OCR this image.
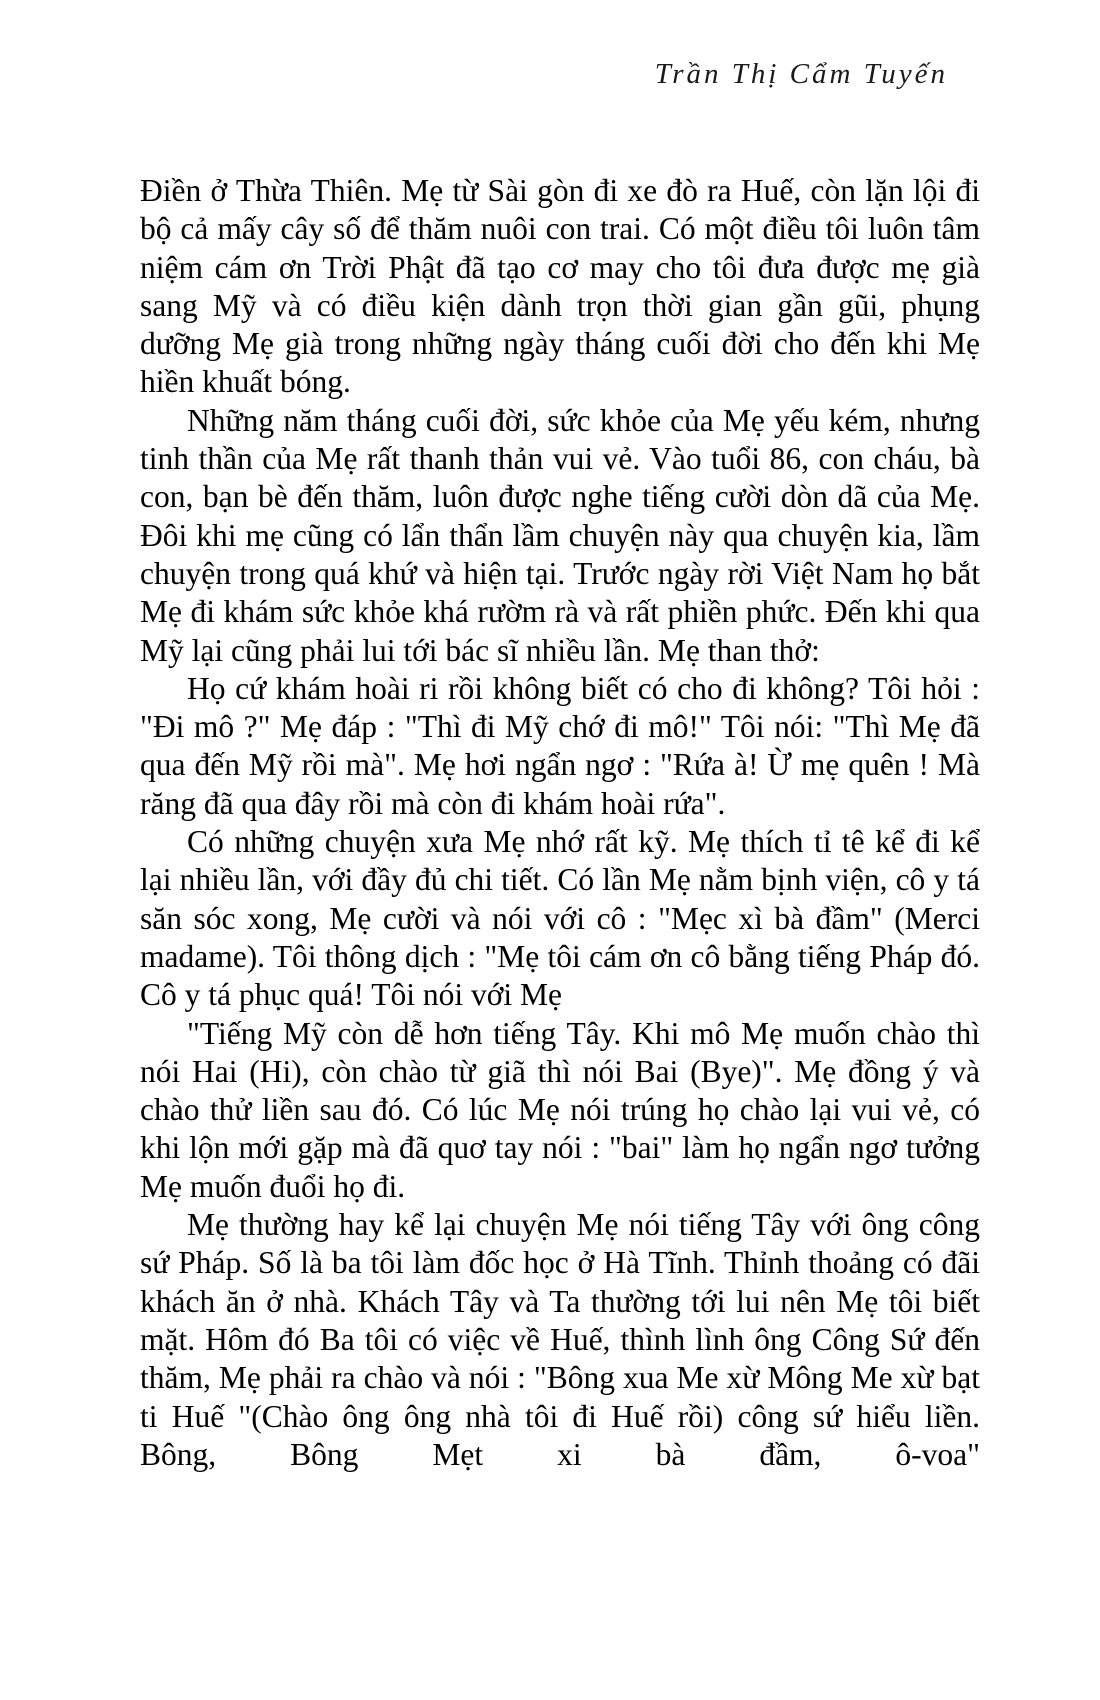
Trần Thị Cẩm Tuyến

Điền ở Thừa Thiên. Mẹ từ Sài gòn đi xe đò ra Huế, còn lặn lội đi bộ cả mấy cây số để thăm nuôi con trai. Có một điều tôi luôn tâm niệm cám ơn Trời Phật đã tạo cơ may cho tôi đưa được mẹ già sang Mỹ và có điều kiện dành trọn thời gian gần gũi, phụng dưỡng Mẹ già trong những ngày tháng cuối đời cho đến khi Mẹ hiền khuất bóng.

Những năm tháng cuối đời, sức khỏe của Mẹ yếu kém, nhưng tinh thần của Mẹ rất thanh thản vui vẻ. Vào tuổi 86, con cháu, bà con, bạn bè đến thăm, luôn được nghe tiếng cười dòn dã của Mẹ. Đôi khi mẹ cũng có lẩn thẩn lầm chuyện này qua chuyện kia, lầm chuyện trong quá khứ và hiện tại. Trước ngày rời Việt Nam họ bắt Mẹ đi khám sức khỏe khá rườm rà và rất phiền phức. Đến khi qua Mỹ lại cũng phải lui tới bác sĩ nhiều lần. Mẹ than thở:

Họ cứ khám hoài ri rồi không biết có cho đi không? Tôi hỏi : "Đi mô ?" Mẹ đáp : "Thì đi Mỹ chớ đi mô!" Tôi nói: "Thì Mẹ đã qua đến Mỹ rồi mà". Mẹ hơi ngẩn ngơ : "Rứa à! Ừ mẹ quên ! Mà răng đã qua đây rồi mà còn đi khám hoài rứa".

Có những chuyện xưa Mẹ nhớ rất kỹ. Mẹ thích tỉ tê kể đi kể lại nhiều lần, với đầy đủ chi tiết. Có lần Mẹ nằm bịnh viện, cô y tá săn sóc xong, Mẹ cười và nói với cô : "Mẹc xì bà đầm" (Merci madame). Tôi thông dịch : "Mẹ tôi cám ơn cô bằng tiếng Pháp đó. Cô y tá phục quá! Tôi nói với Mẹ

"Tiếng Mỹ còn dễ hơn tiếng Tây. Khi mô Mẹ muốn chào thì nói Hai (Hi), còn chào từ giã thì nói Bai (Bye)". Mẹ đồng ý và chào thử liền sau đó. Có lúc Mẹ nói trúng họ chào lại vui vẻ, có khi lộn mới gặp mà đã quơ tay nói : "bai" làm họ ngẩn ngơ tưởng Mẹ muốn đuổi họ đi.

Mẹ thường hay kể lại chuyện Mẹ nói tiếng Tây với ông công sứ Pháp. Số là ba tôi làm đốc học ở Hà Tĩnh. Thỉnh thoảng có đãi khách ăn ở nhà. Khách Tây và Ta thường tới lui nên Mẹ tôi biết mặt. Hôm đó Ba tôi có việc về Huế, thình lình ông Công Sứ đến thăm, Mẹ phải ra chào và nói : "Bông xua Me xừ Mông Me xừ bạt ti Huế "(Chào ông ông nhà tôi đi Huế rồi) công sứ hiểu liền. Bông, Bông Mẹt xi bà đầm, ô-voa"
